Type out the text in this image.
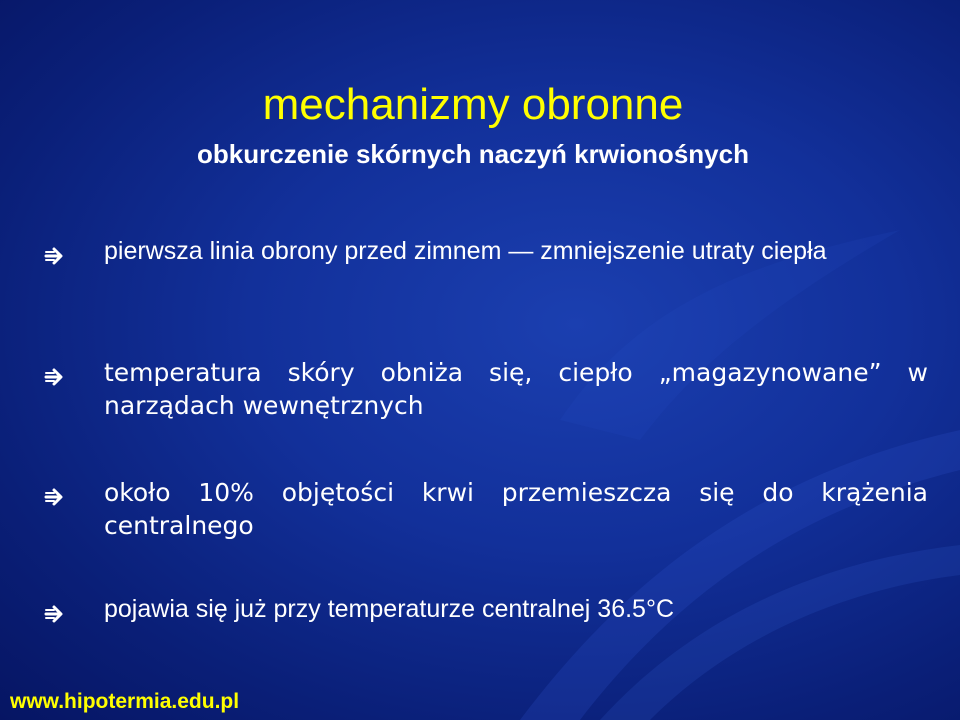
mechanizmy obronne
obkurczenie skórnych naczyń krwionośnych
pierwsza linia obrony przed zimnem — zmniejszenie utraty ciepła
temperatura skóry obniża się, ciepło „magazynowane” w narządach wewnętrznych
około 10% objętości krwi przemieszcza się do krążenia centralnego
pojawia się już przy temperaturze centralnej 36.5°C
www.hipotermia.edu.pl
